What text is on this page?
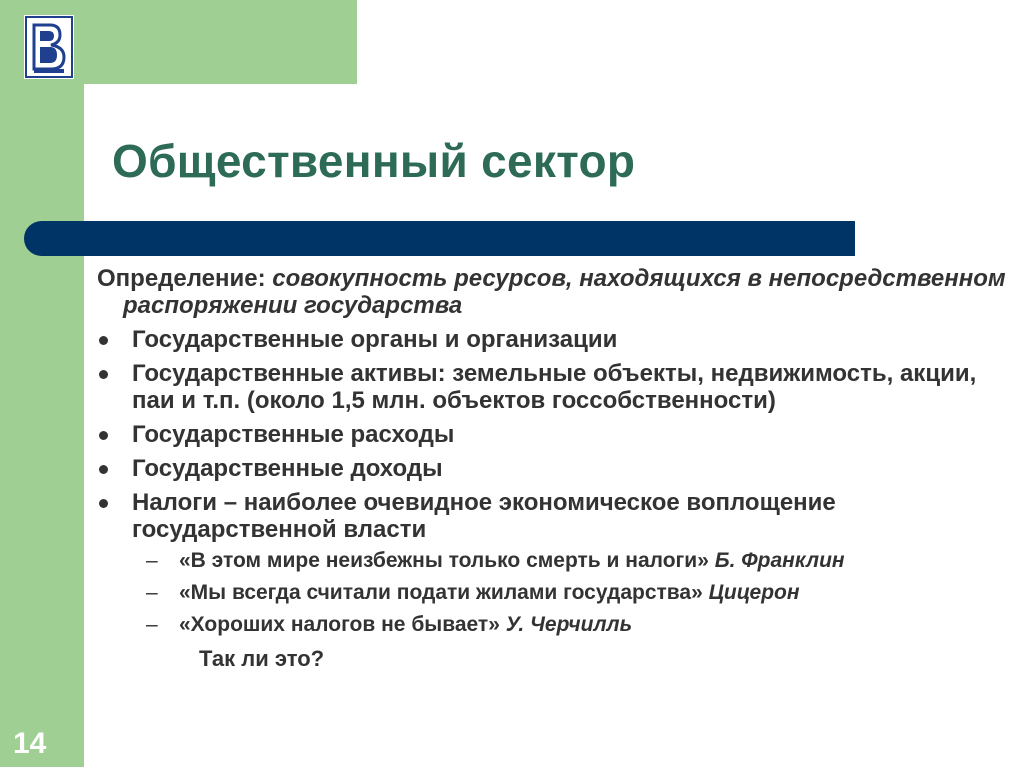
Общественный сектор

Определение: совокупность ресурсов, находящихся в непосредственном распоряжении государства

Государственные органы и организации
Государственные активы: земельные объекты, недвижимость, акции, паи и т.п. (около 1,5 млн. объектов госсобственности)
Государственные расходы
Государственные доходы
Налоги – наиболее очевидное экономическое воплощение государственной власти
– «В этом мире неизбежны только смерть и налоги» Б. Франклин
– «Мы всегда считали подати жилами государства» Цицерон
– «Хороших налогов не бывает» У. Черчилль

Так ли это?

14
